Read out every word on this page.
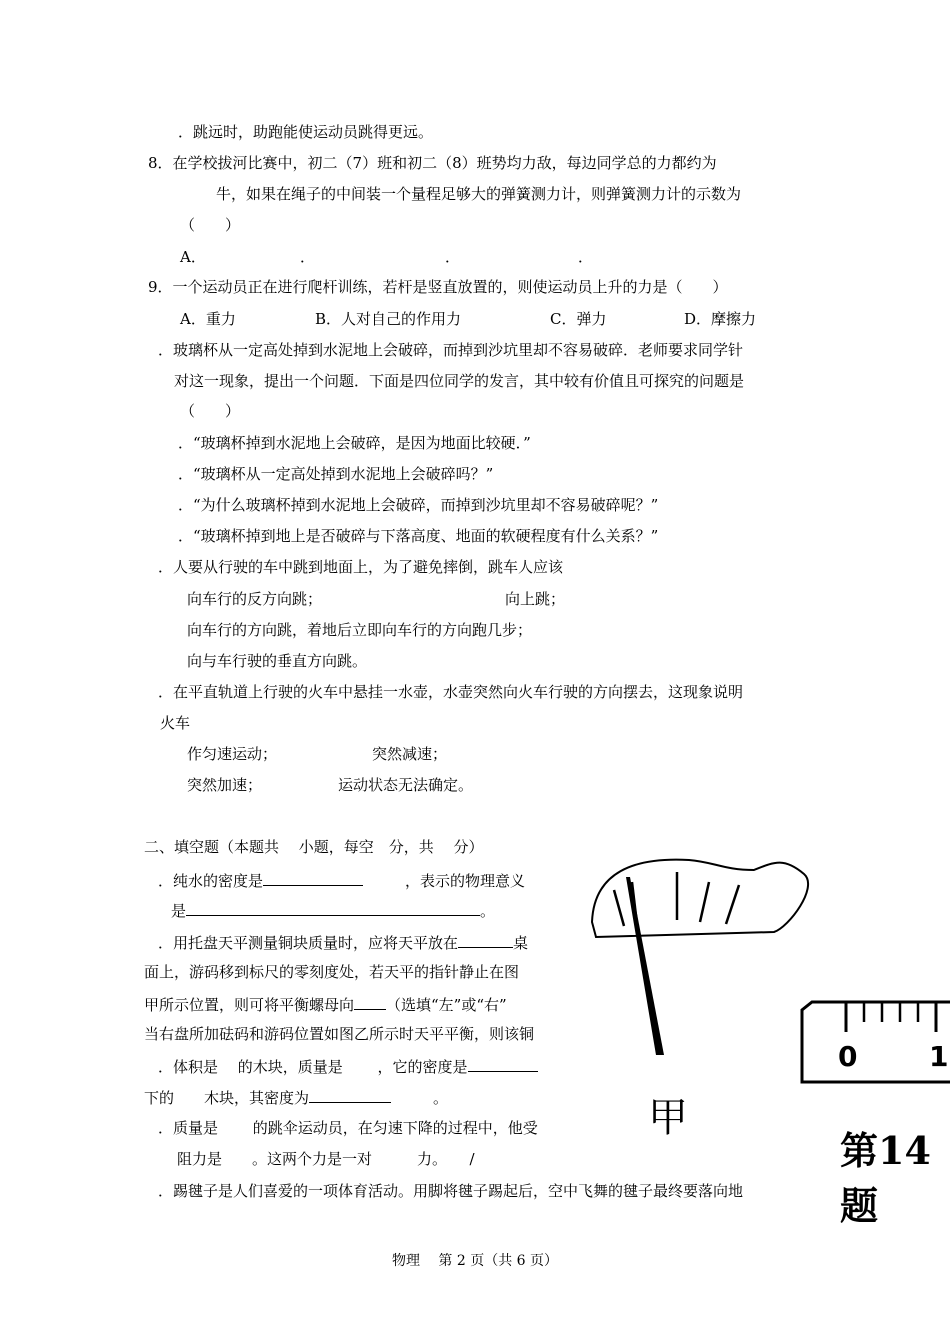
．跳远时，助跑能使运动员跳得更远。
8．在学校拔河比赛中，初二（7）班和初二（8）班势均力敌，每边同学总的力都约为
牛，如果在绳子的中间装一个量程足够大的弹簧测力计，则弹簧测力计的示数为
（　　）
A．	．	．	．
9．一个运动员正在进行爬杆训练，若杆是竖直放置的，则使运动员上升的力是（　　）
A．重力	B．人对自己的作用力	C．弹力	D．摩擦力
．玻璃杯从一定高处掉到水泥地上会破碎，而掉到沙坑里却不容易破碎．老师要求同学针
对这一现象，提出一个问题．下面是四位同学的发言，其中较有价值且可探究的问题是
（　　）
．“玻璃杯掉到水泥地上会破碎，是因为地面比较硬．”
．“玻璃杯从一定高处掉到水泥地上会破碎吗？”
．“为什么玻璃杯掉到水泥地上会破碎，而掉到沙坑里却不容易破碎呢？”
．“玻璃杯掉到地上是否破碎与下落高度、地面的软硬程度有什么关系？”
．人要从行驶的车中跳到地面上，为了避免摔倒，跳车人应该
向车行的反方向跳；	向上跳；
向车行的方向跳，着地后立即向车行的方向跑几步；
向与车行驶的垂直方向跳。
．在平直轨道上行驶的火车中悬挂一水壶，水壶突然向火车行驶的方向摆去，这现象说明
火车
作匀速运动；	突然减速；
突然加速；	运动状态无法确定。
二、填空题（本题共　 小题，每空　分，共　 分）
．纯水的密度是	，表示的物理意义
是	。
．用托盘天平测量铜块质量时，应将天平放在	桌
面上，游码移到标尺的零刻度处，若天平的指针静止在图
甲所示位置，则可将平衡螺母向 （选填“左”或“右”
当右盘所加砝码和游码位置如图乙所示时天平平衡，则该铜
．体积是　 的木块，质量是　　 ，它的密度是
下的　　木块，其密度为	。
．质量是　　 的跳伞运动员，在匀速下降的过程中，他受
阻力是　　。这两个力是一对　　　力。　　/
甲
0	1
第14题
．踢毽子是人们喜爱的一项体育活动。用脚将毽子踢起后，空中飞舞的毽子最终要落向地
物理　 第 2 页（共 6 页）
